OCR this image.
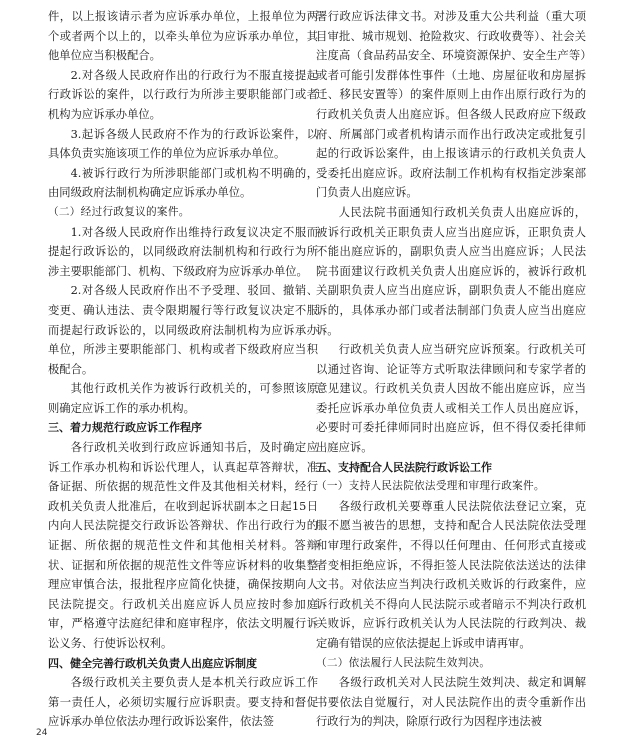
件，以上报该请示者为应诉承办单位，上报单位为两个或者两个以上的，以牵头单位为应诉承办单位，其他单位应当积极配合。

2.对各级人民政府作出的行政行为不服直接提起行政诉讼的案件，以行政行为所涉主要职能部门或者机构为应诉承办单位。

3.起诉各级人民政府不作为的行政诉讼案件，以具体负责实施该项工作的单位为应诉承办单位。

4.被诉行政行为所涉职能部门或机构不明确的，由同级政府法制机构确定应诉承办单位。

（二）经过行政复议的案件。

1.对各级人民政府作出维持行政复议决定不服而提起行政诉讼的，以同级政府法制机构和行政行为所涉主要职能部门、机构、下级政府为应诉承办单位。

2.对各级人民政府作出不予受理、驳回、撤销、变更、确认违法、责令限期履行等行政复议决定不服而提起行政诉讼的，以同级政府法制机构为应诉承办单位，所涉主要职能部门、机构或者下级政府应当积极配合。

其他行政机关作为被诉行政机关的，可参照该原则确定应诉工作的承办机构。

三、着力规范行政应诉工作程序

各行政机关收到行政应诉通知书后，及时确定应诉工作承办机构和诉讼代理人，认真起草答辩状，准备证据、所依据的规范性文件及其他相关材料，经行政机关负责人批准后，在收到起诉状副本之日起15日内向人民法院提交行政诉讼答辩状、作出行政行为的证据、所依据的规范性文件和其他相关材料。答辩状、证据和所依据的规范性文件等应诉材料的收集整理应审慎合法，报批程序应简化快捷，确保按期向人民法院提交。行政机关出庭应诉人员应按时参加庭审，严格遵守法庭纪律和庭审程序，依法文明履行诉讼义务、行使诉讼权利。

四、健全完善行政机关负责人出庭应诉制度

各级行政机关主要负责人是本机关行政应诉工作第一责任人，必须切实履行应诉职责。要支持和督促应诉承办单位依法办理行政诉讼案件，依法签

署行政应诉法律文书。对涉及重大公共利益（重大项目审批、城市规划、抢险救灾、行政收费等）、社会关注度高（食品药品安全、环境资源保护、安全生产等）或者可能引发群体性事件（土地、房屋征收和房屋拆迁、移民安置等）的案件原则上由作出原行政行为的行政机关负责人出庭应诉。但各级人民政府应下级政府、所属部门或者机构请示而作出行政决定或批复引起的行政诉讼案件，由上报该请示的行政机关负责人受委托出庭应诉。政府法制工作机构有权指定涉案部门负责人出庭应诉。

人民法院书面通知行政机关负责人出庭应诉的，被诉行政机关正职负责人应当出庭应诉，正职负责人不能出庭应诉的，副职负责人应当出庭应诉；人民法院书面建议行政机关负责人出庭应诉的，被诉行政机关副职负责人应当出庭应诉，副职负责人不能出庭应诉的，具体承办部门或者法制部门负责人应当出庭应诉。

行政机关负责人应当研究应诉预案。行政机关可以通过咨询、论证等方式听取法律顾问和专家学者的意见建议。行政机关负责人因故不能出庭应诉，应当委托应诉承办单位负责人或相关工作人员出庭应诉，必要时可委托律师同时出庭应诉，但不得仅委托律师出庭应诉。

五、支持配合人民法院行政诉讼工作

（一）支持人民法院依法受理和审理行政案件。

各级行政机关要尊重人民法院依法登记立案，克服不愿当被告的思想，支持和配合人民法院依法受理和审理行政案件，不得以任何理由、任何形式直接或者变相拒绝应诉，不得拒签人民法院依法送达的法律文书。对依法应当判决行政机关败诉的行政案件，应诉行政机关不得向人民法院示或者暗示不判决行政机关败诉，应诉行政机关认为人民法院的行政判决、裁定确有错误的应依法提起上诉或申请再审。

（二）依法履行人民法院生效判决。

各级行政机关对人民法院生效判决、裁定和调解书要依法自觉履行，对人民法院作出的责令重新作出行政行为的判决，除原行政行为因程序违法被

24
